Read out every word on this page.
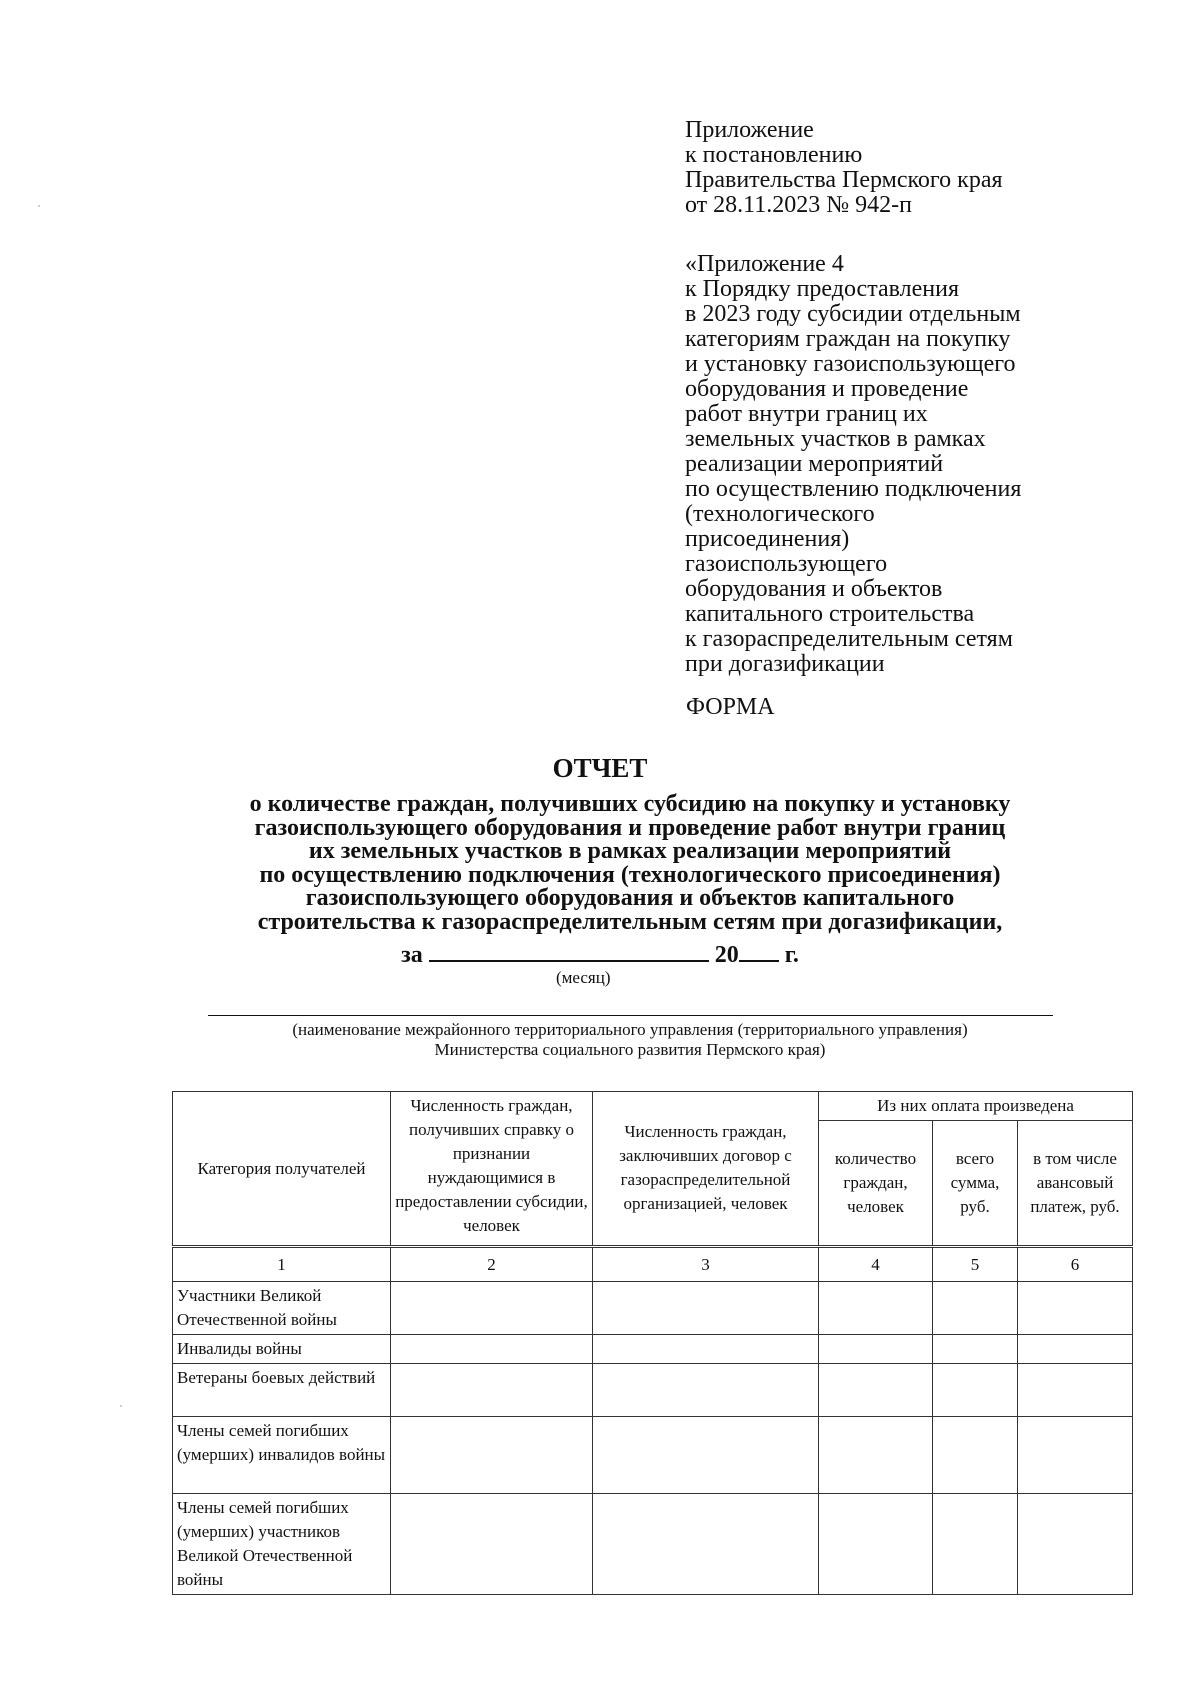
Приложение
к постановлению
Правительства Пермского края
от 28.11.2023 № 942-п
«Приложение 4
к Порядку предоставления
в 2023 году субсидии отдельным
категориям граждан на покупку
и установку газоиспользующего
оборудования и проведение
работ внутри границ их
земельных участков в рамках
реализации мероприятий
по осуществлению подключения
(технологического
присоединения)
газоиспользующего
оборудования и объектов
капитального строительства
к газораспределительным сетям
при догазификации
ФОРМА
ОТЧЕТ
о количестве граждан, получивших субсидию на покупку и установку
газоиспользующего оборудования и проведение работ внутри границ
их земельных участков в рамках реализации мероприятий
по осуществлению подключения (технологического присоединения)
газоиспользующего оборудования и объектов капитального
строительства к газораспределительным сетям при догазификации,
за	20 г.
(месяц)
(наименование межрайонного территориального управления (территориального управления)
Министерства социального развития Пермского края)
Категория получателей	Численность граждан, получивших справку о признании нуждающимися в предоставлении субсидии, человек	Численность граждан, заключивших договор с газораспределительной организацией, человек	Из них оплата произведена		
			количество граждан, человек	всего сумма, руб.	в том числе авансовый платеж, руб.
1	2	3	4	5	6
Участники Великой Отечественной войны					
Инвалиды войны					
Ветераны боевых действий					
Члены семей погибших (умерших) инвалидов войны					
Члены семей погибших (умерших) участников Великой Отечественной войны					
